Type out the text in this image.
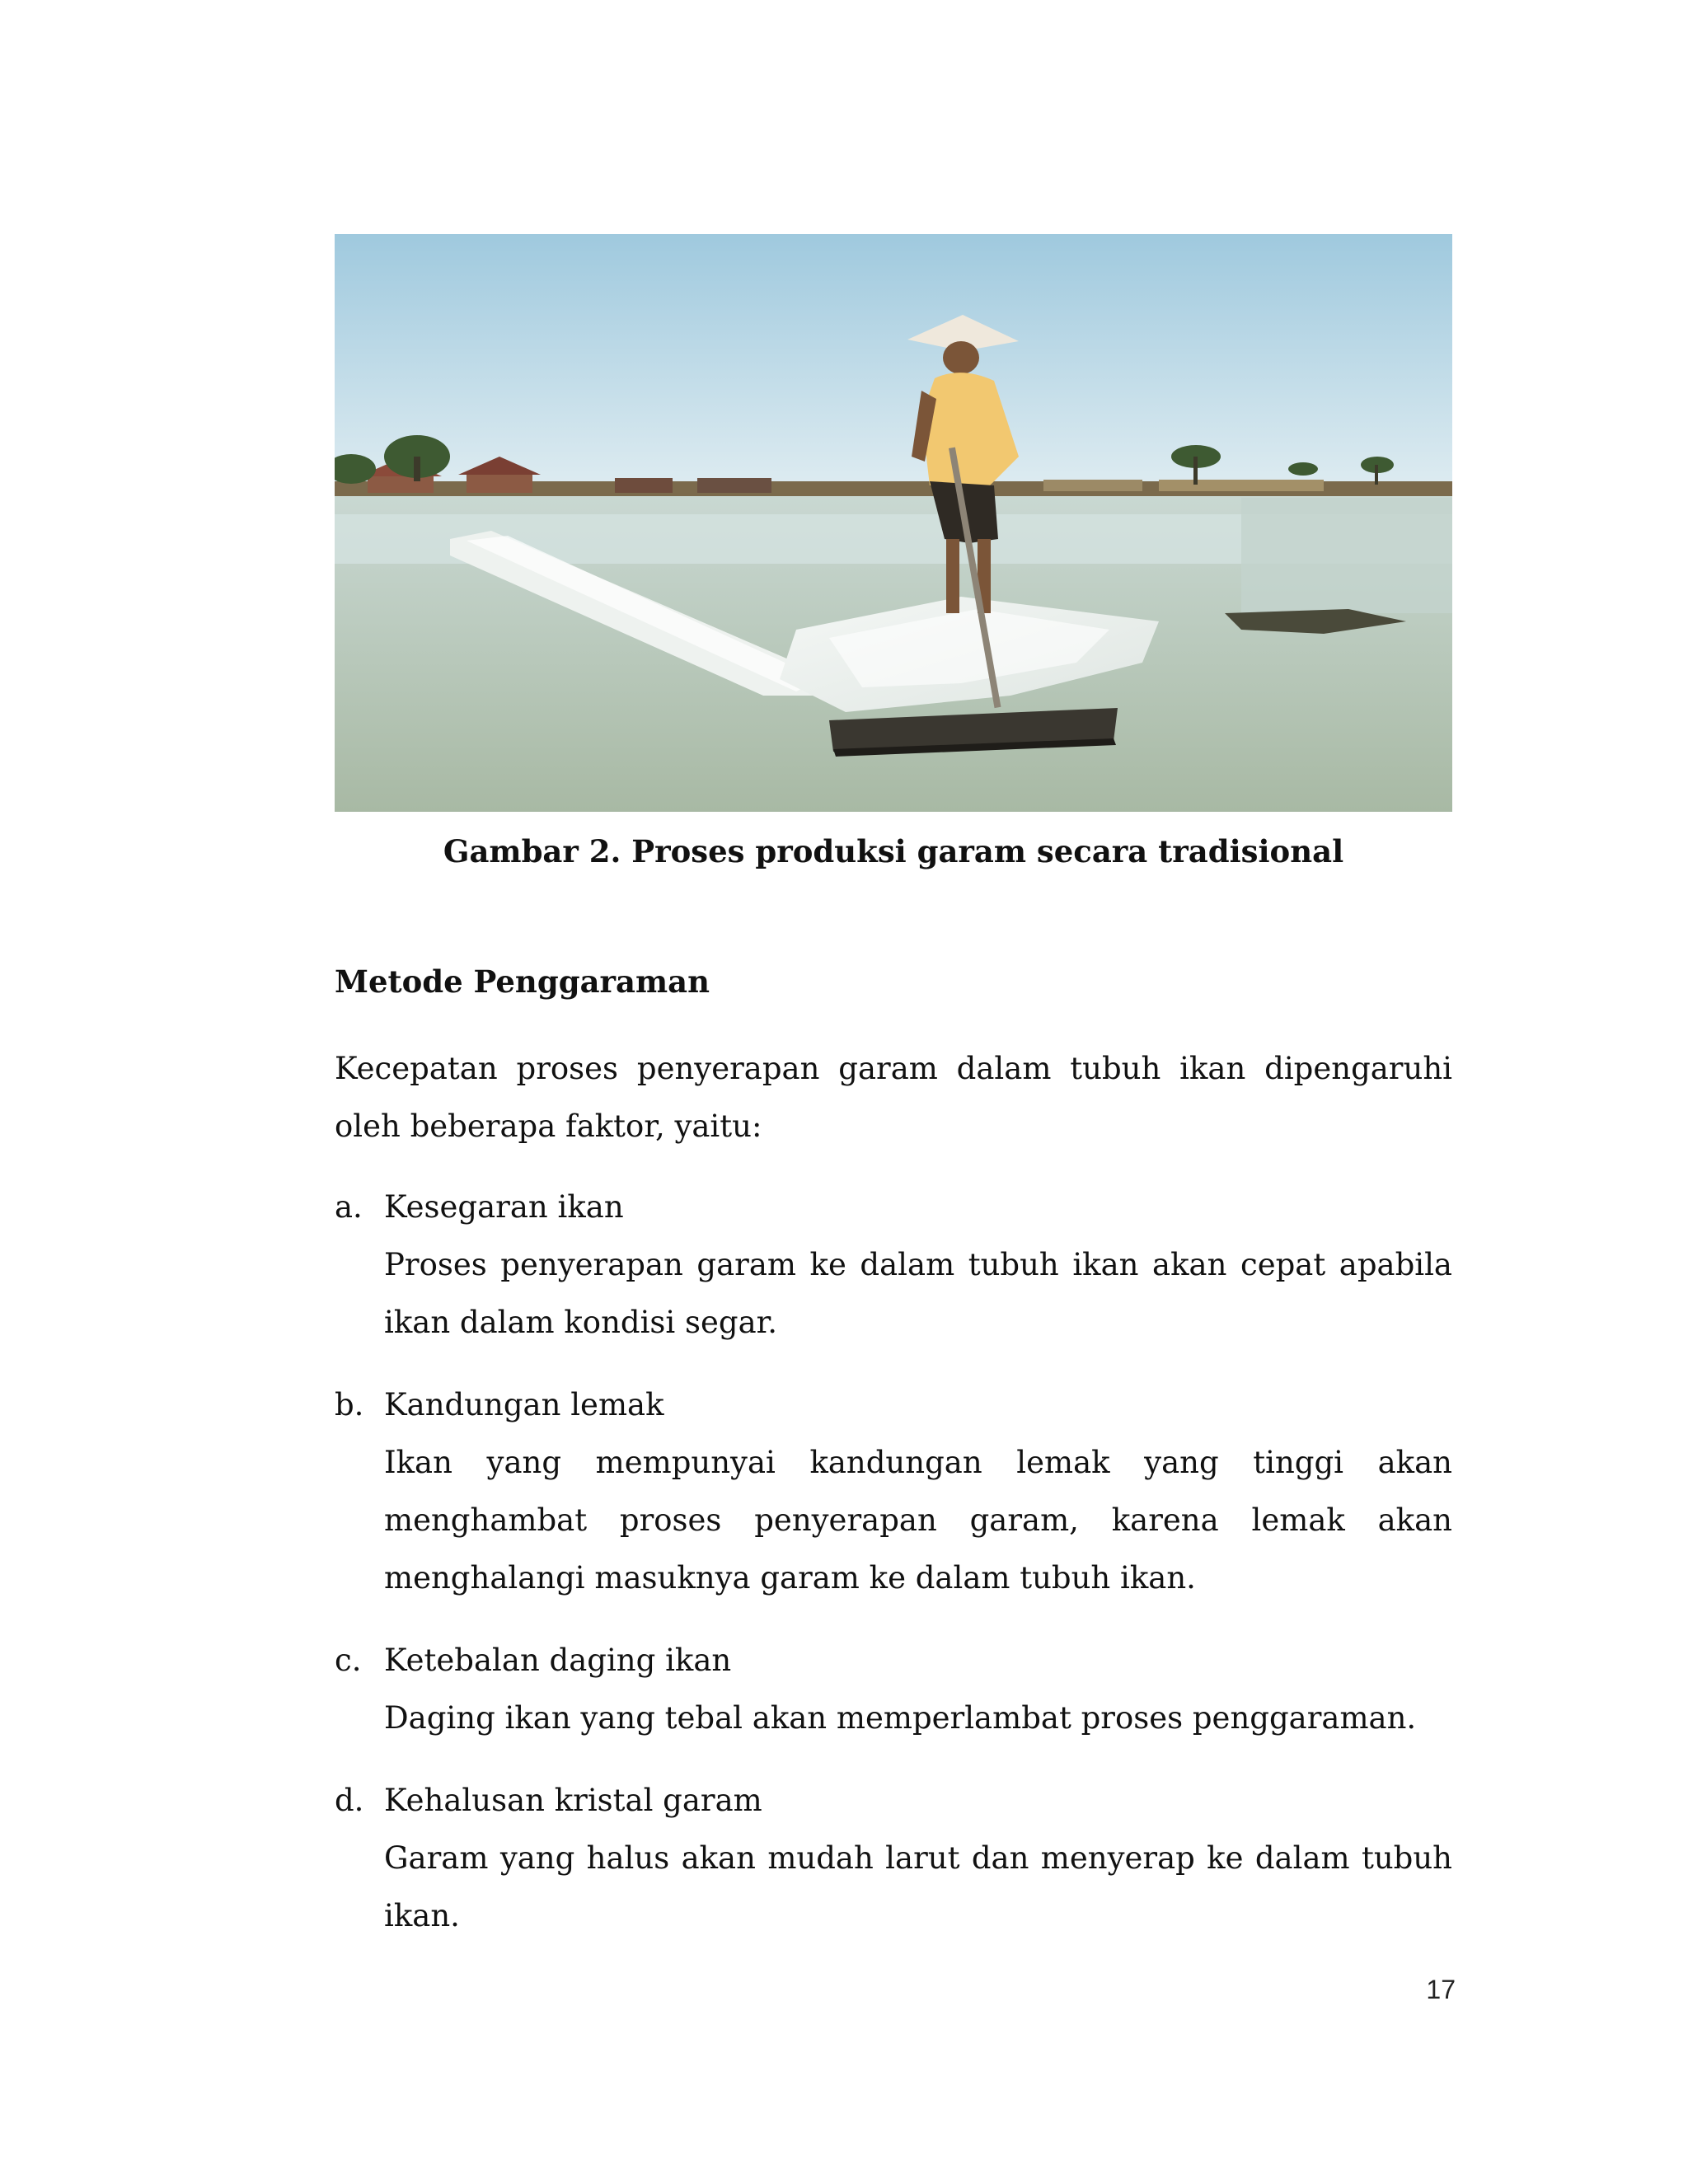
Gambar 2. Proses produksi garam secara tradisional
Metode Penggaraman
Kecepatan proses penyerapan garam dalam tubuh ikan dipengaruhi oleh beberapa faktor, yaitu:
a. Kesegaran ikan
Proses penyerapan garam ke dalam tubuh ikan akan cepat apabila ikan dalam kondisi segar.
b. Kandungan lemak
Ikan yang mempunyai kandungan lemak yang tinggi akan menghambat proses penyerapan garam, karena lemak akan menghalangi masuknya garam ke dalam tubuh ikan.
c. Ketebalan daging ikan
Daging ikan yang tebal akan memperlambat proses penggaraman.
d. Kehalusan kristal garam
Garam yang halus akan mudah larut dan menyerap ke dalam tubuh ikan.
17
